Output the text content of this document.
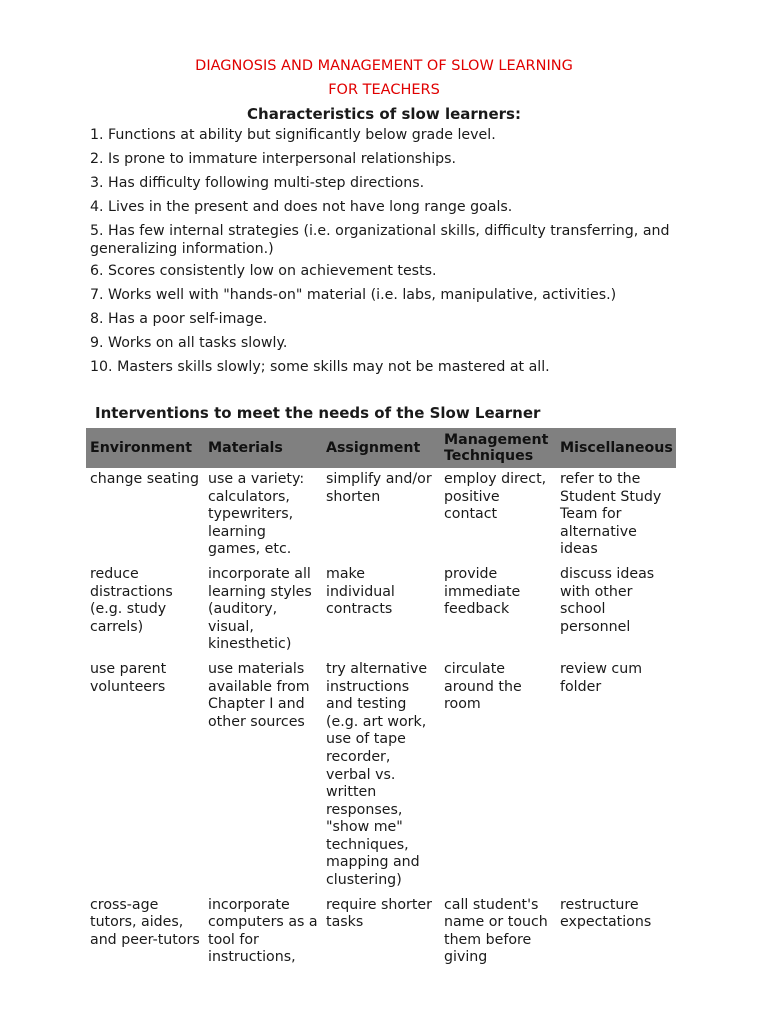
DIAGNOSIS AND MANAGEMENT OF SLOW LEARNING
FOR TEACHERS
Characteristics of slow learners:
1. Functions at ability but significantly below grade level.
2. Is prone to immature interpersonal relationships.
3. Has difficulty following multi-step directions.
4. Lives in the present and does not have long range goals.
5. Has few internal strategies (i.e. organizational skills, difficulty transferring, and generalizing information.)
6. Scores consistently low on achievement tests.
7. Works well with "hands-on" material (i.e. labs, manipulative, activities.)
8. Has a poor self-image.
9. Works on all tasks slowly.
10. Masters skills slowly; some skills may not be mastered at all.
Interventions to meet the needs of the Slow Learner
Environment	Materials	Assignment	Management Techniques	Miscellaneous
change seating	use a variety: calculators, typewriters, learning games, etc.	simplify and/or shorten	employ direct, positive contact	refer to the Student Study Team for alternative ideas
reduce distractions (e.g. study carrels)	incorporate all learning styles (auditory, visual, kinesthetic)	make individual contracts	provide immediate feedback	discuss ideas with other school personnel
use parent volunteers	use materials available from Chapter I and other sources	try alternative instructions and testing (e.g. art work, use of tape recorder, verbal vs. written responses, "show me" techniques, mapping and clustering)	circulate around the room	review cum folder
cross-age tutors, aides, and peer-tutors	incorporate computers as a tool for instructions,	require shorter tasks	call student's name or touch them before giving	restructure expectations
